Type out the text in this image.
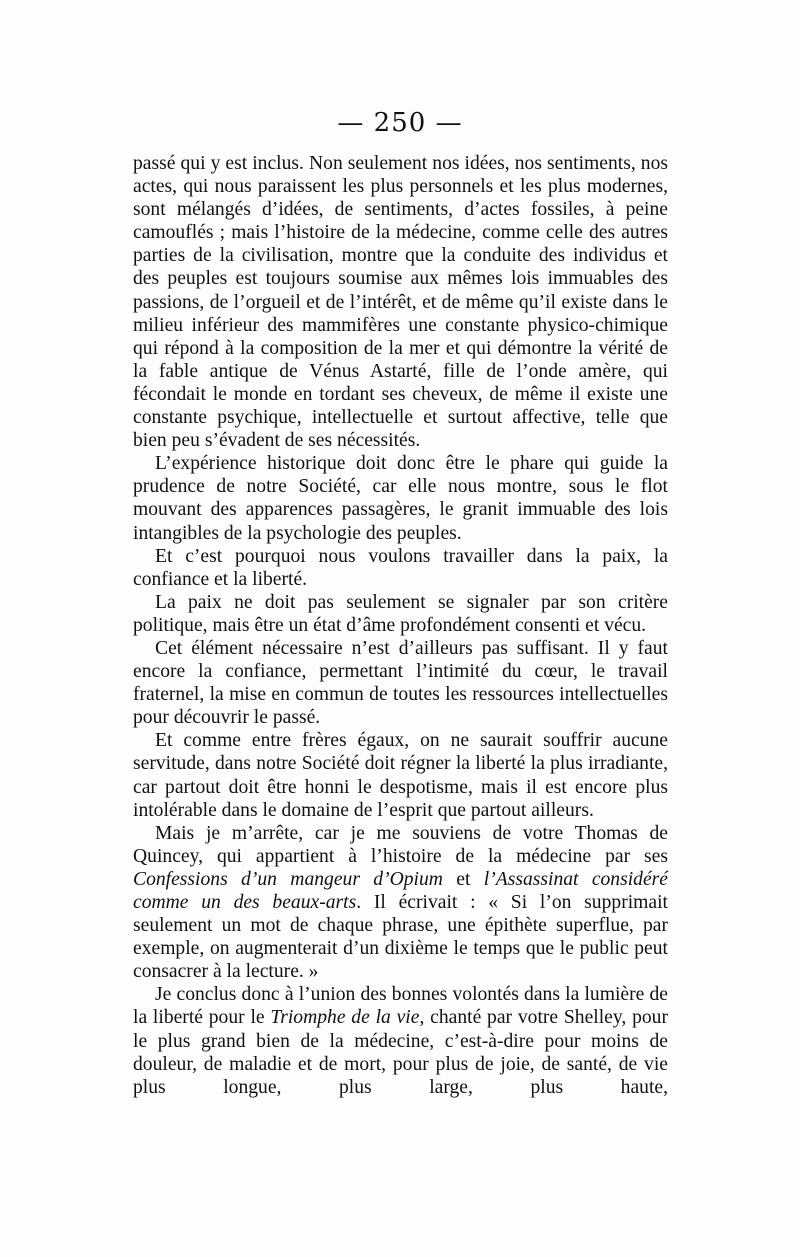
— 250 —

passé qui y est inclus. Non seulement nos idées, nos sentiments, nos actes, qui nous paraissent les plus personnels et les plus modernes, sont mélangés d’idées, de sentiments, d’actes fossiles, à peine camouflés ; mais l’histoire de la médecine, comme celle des autres parties de la civilisation, montre que la conduite des individus et des peuples est toujours soumise aux mêmes lois immuables des passions, de l’orgueil et de l’intérêt, et de même qu’il existe dans le milieu inférieur des mammifères une constante physico-chimique qui répond à la composition de la mer et qui démontre la vérité de la fable antique de Vénus Astarté, fille de l’onde amère, qui fécondait le monde en tordant ses cheveux, de même il existe une constante psychique, intellectuelle et surtout affective, telle que bien peu s’évadent de ses nécessités.

L’expérience historique doit donc être le phare qui guide la prudence de notre Société, car elle nous montre, sous le flot mouvant des apparences passagères, le granit immuable des lois intangibles de la psychologie des peuples.

Et c’est pourquoi nous voulons travailler dans la paix, la confiance et la liberté.

La paix ne doit pas seulement se signaler par son critère politique, mais être un état d’âme profondément consenti et vécu.

Cet élément nécessaire n’est d’ailleurs pas suffisant. Il y faut encore la confiance, permettant l’intimité du cœur, le travail fraternel, la mise en commun de toutes les ressources intellectuelles pour découvrir le passé.

Et comme entre frères égaux, on ne saurait souffrir aucune servitude, dans notre Société doit régner la liberté la plus irradiante, car partout doit être honni le despotisme, mais il est encore plus intolérable dans le domaine de l’esprit que partout ailleurs.

Mais je m’arrête, car je me souviens de votre Thomas de Quincey, qui appartient à l’histoire de la médecine par ses Confessions d’un mangeur d’Opium et l’Assassinat considéré comme un des beaux-arts. Il écrivait : « Si l’on supprimait seulement un mot de chaque phrase, une épithète superflue, par exemple, on augmenterait d’un dixième le temps que le public peut consacrer à la lecture. »

Je conclus donc à l’union des bonnes volontés dans la lumière de la liberté pour le Triomphe de la vie, chanté par votre Shelley, pour le plus grand bien de la médecine, c’est-à-dire pour moins de douleur, de maladie et de mort, pour plus de joie, de santé, de vie plus longue, plus large, plus haute,
